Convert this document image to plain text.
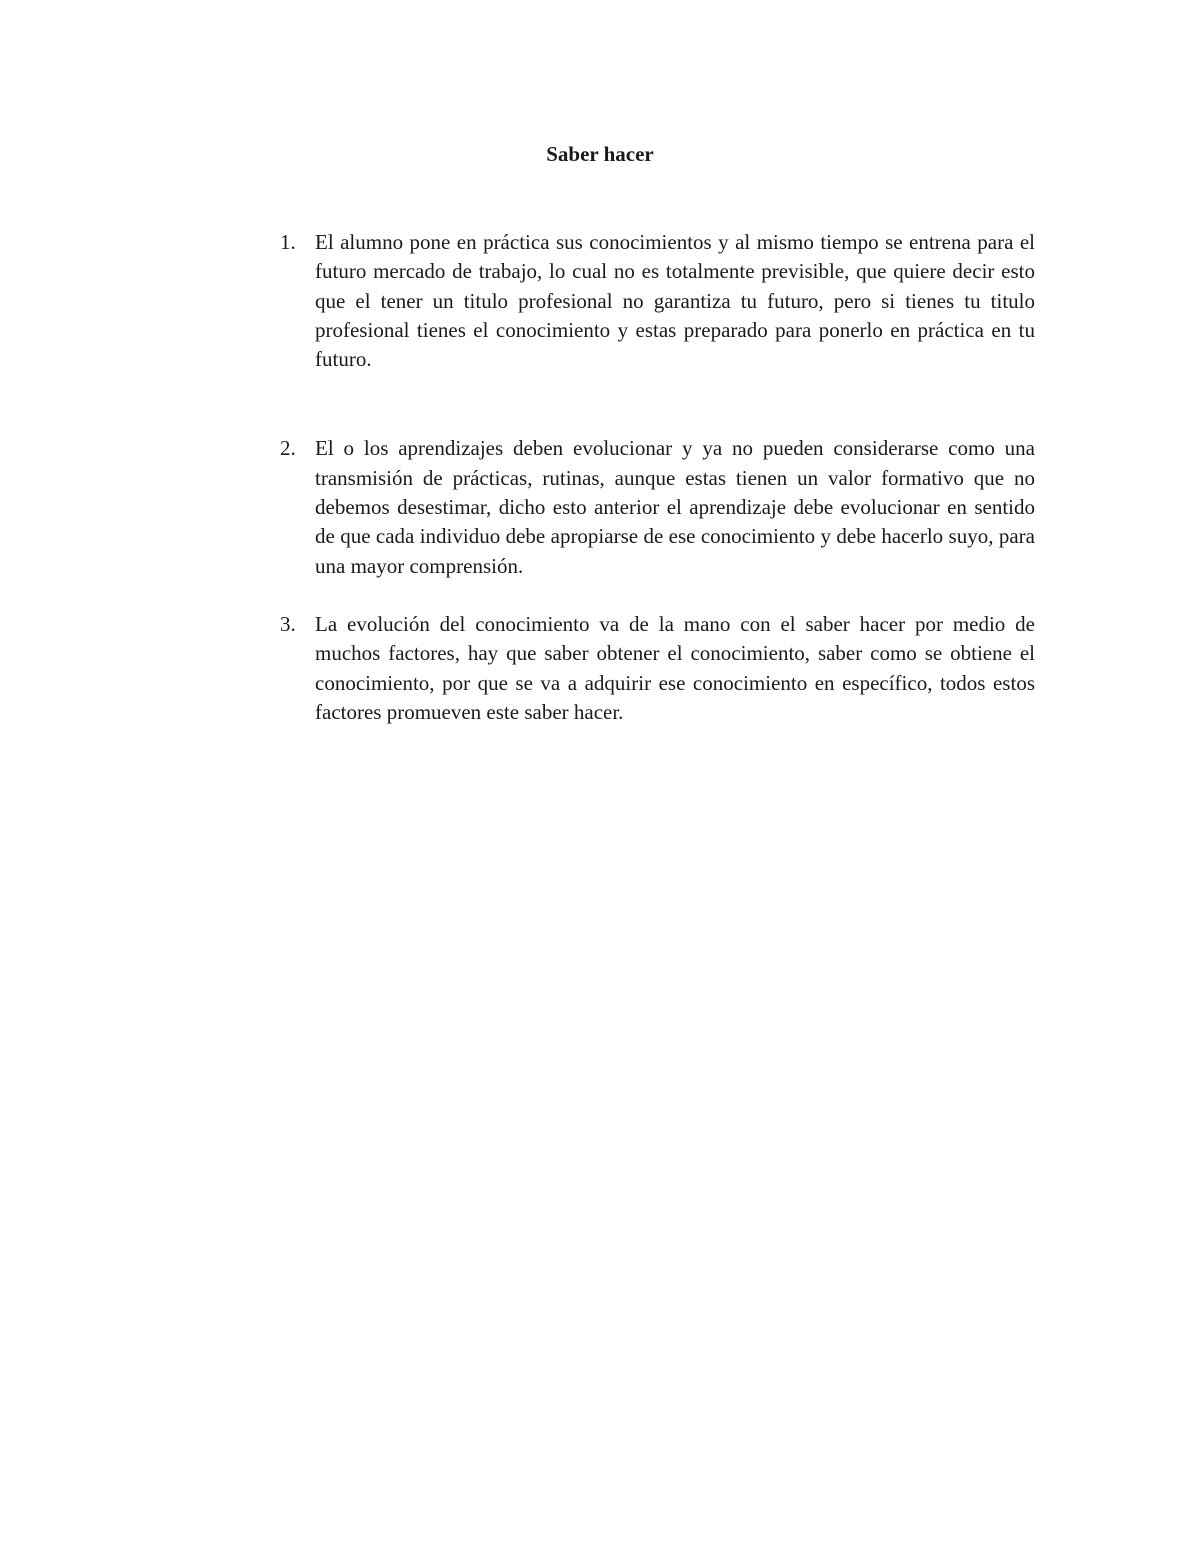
Saber hacer
1. El alumno pone en práctica sus conocimientos y al mismo tiempo se entrena para el futuro mercado de trabajo, lo cual no es totalmente previsible, que quiere decir esto que el tener un titulo profesional no garantiza tu futuro, pero si tienes tu titulo profesional tienes el conocimiento y estas preparado para ponerlo en práctica en tu futuro.
2. El o los aprendizajes deben evolucionar y ya no pueden considerarse como una transmisión de prácticas, rutinas, aunque estas tienen un valor formativo que no debemos desestimar, dicho esto anterior el aprendizaje debe evolucionar en sentido de que cada individuo debe apropiarse de ese conocimiento y debe hacerlo suyo, para una mayor comprensión.
3. La evolución del conocimiento va de la mano con el saber hacer por medio de muchos factores, hay que saber obtener el conocimiento, saber como se obtiene el conocimiento, por que se va a adquirir ese conocimiento en específico, todos estos factores promueven este saber hacer.
